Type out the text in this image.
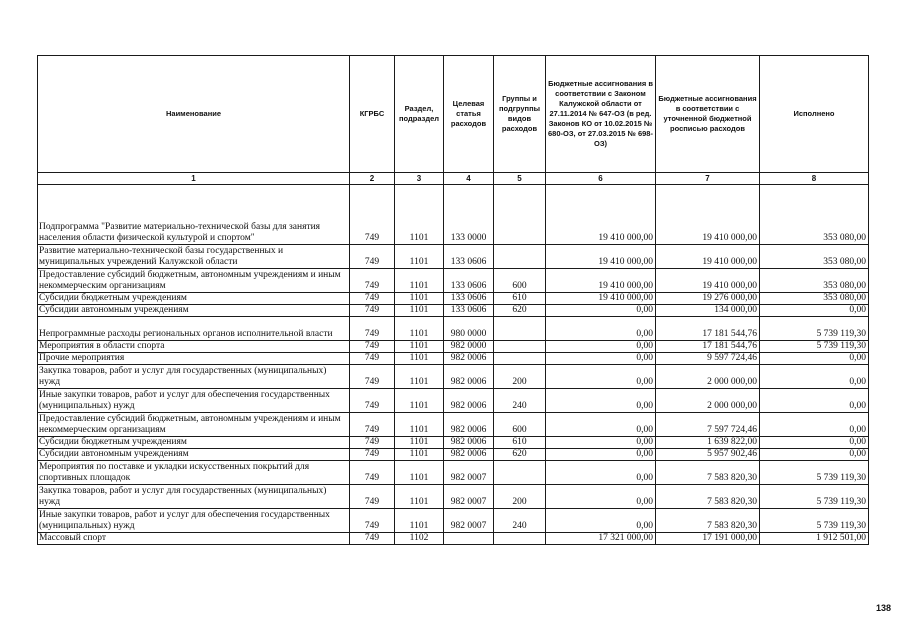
Наименование	КГРБС	Раздел, подраздел	Целевая статья расходов	Группы и подгруппы видов расходов	Бюджетные ассигнования в соответствии с Законом Калужской области от 27.11.2014 № 647-ОЗ (в ред. Законов КО от 10.02.2015 № 680-ОЗ, от 27.03.2015 № 698-ОЗ)	Бюджетные ассигнования в соответствии с уточненной бюджетной росписью расходов	Исполнено
1	2	3	4	5	6	7	8
Подпрограмма "Развитие материально-технической базы для занятия населения области физической культурой и спортом"	749	1101	133 0000		19 410 000,00	19 410 000,00	353 080,00
Развитие материально-технической базы государственных и муниципальных учреждений Калужской области	749	1101	133 0606		19 410 000,00	19 410 000,00	353 080,00
Предоставление субсидий бюджетным, автономным учреждениям и иным некоммерческим организациям	749	1101	133 0606	600	19 410 000,00	19 410 000,00	353 080,00
Субсидии бюджетным учреждениям	749	1101	133 0606	610	19 410 000,00	19 276 000,00	353 080,00
Субсидии автономным учреждениям	749	1101	133 0606	620	0,00	134 000,00	0,00
Непрограммные расходы региональных органов исполнительной власти	749	1101	980 0000		0,00	17 181 544,76	5 739 119,30
Мероприятия в области спорта	749	1101	982 0000		0,00	17 181 544,76	5 739 119,30
Прочие мероприятия	749	1101	982 0006		0,00	9 597 724,46	0,00
Закупка товаров, работ и услуг для государственных (муниципальных) нужд	749	1101	982 0006	200	0,00	2 000 000,00	0,00
Иные закупки товаров, работ и услуг для обеспечения государственных (муниципальных) нужд	749	1101	982 0006	240	0,00	2 000 000,00	0,00
Предоставление субсидий бюджетным, автономным учреждениям и иным некоммерческим организациям	749	1101	982 0006	600	0,00	7 597 724,46	0,00
Субсидии бюджетным учреждениям	749	1101	982 0006	610	0,00	1 639 822,00	0,00
Субсидии автономным учреждениям	749	1101	982 0006	620	0,00	5 957 902,46	0,00
Мероприятия по поставке и укладки искусственных покрытий для спортивных площадок	749	1101	982 0007		0,00	7 583 820,30	5 739 119,30
Закупка товаров, работ и услуг для государственных (муниципальных) нужд	749	1101	982 0007	200	0,00	7 583 820,30	5 739 119,30
Иные закупки товаров, работ и услуг для обеспечения государственных (муниципальных) нужд	749	1101	982 0007	240	0,00	7 583 820,30	5 739 119,30
Массовый спорт	749	1102			17 321 000,00	17 191 000,00	1 912 501,00
138
